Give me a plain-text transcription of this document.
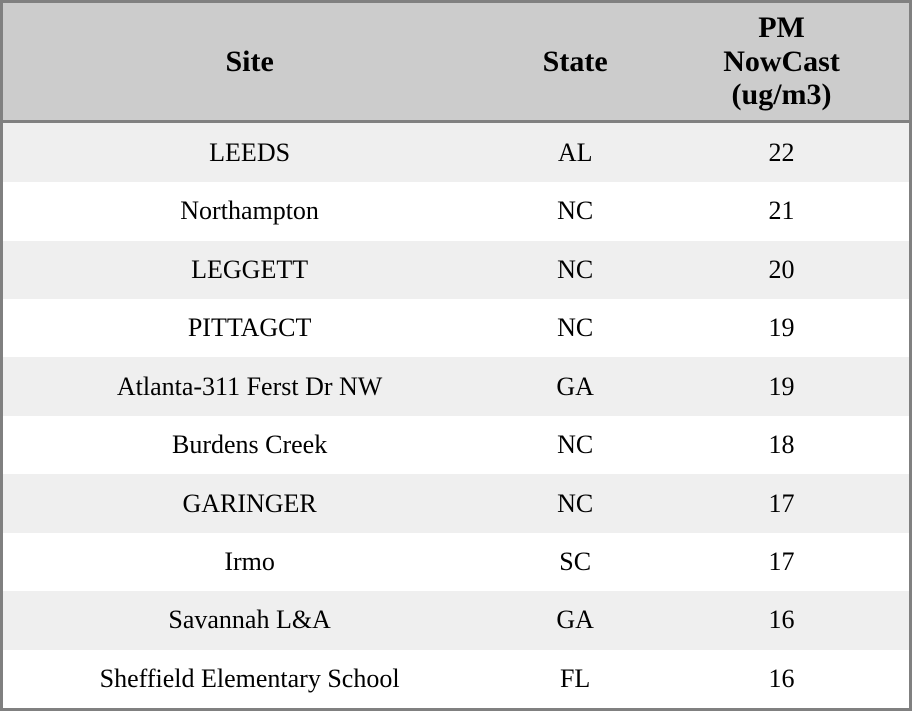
Site	State	PM
NowCast
(ug/m3)

LEEDS	AL	22
Northampton	NC	21
LEGGETT	NC	20
PITTAGCT	NC	19
Atlanta-311 Ferst Dr NW	GA	19
Burdens Creek	NC	18
GARINGER	NC	17
Irmo	SC	17
Savannah L&A	GA	16
Sheffield Elementary School	FL	16
